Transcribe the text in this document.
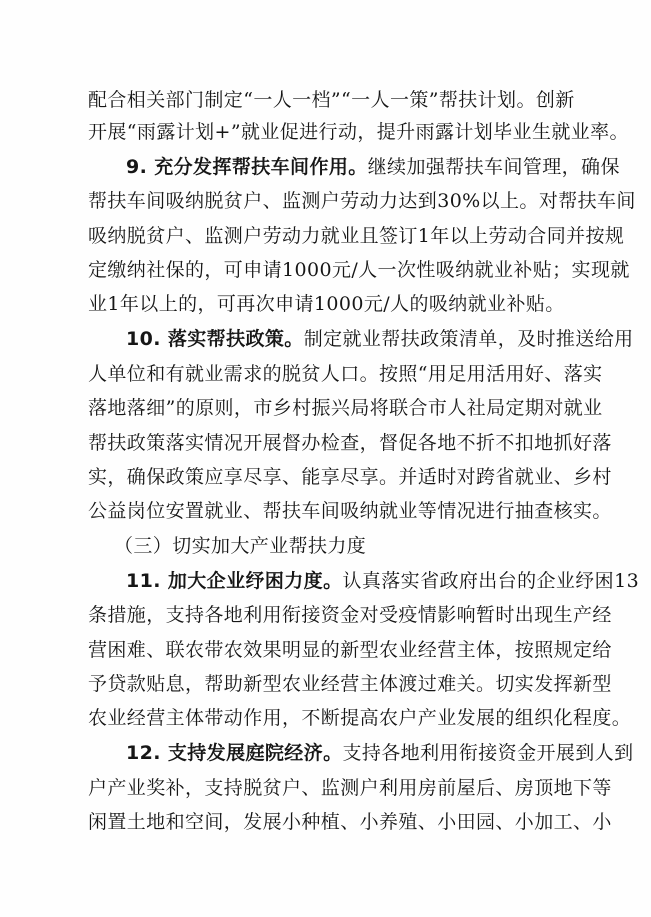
配合相关部门制定“一人一档”“一人一策”帮扶计划。创新
开展“雨露计划+”就业促进行动，提升雨露计划毕业生就业率。
9. 充分发挥帮扶车间作用。继续加强帮扶车间管理，确保
帮扶车间吸纳脱贫户、监测户劳动力达到30%以上。对帮扶车间
吸纳脱贫户、监测户劳动力就业且签订1年以上劳动合同并按规
定缴纳社保的，可申请1000元/人一次性吸纳就业补贴；实现就
业1年以上的，可再次申请1000元/人的吸纳就业补贴。
10. 落实帮扶政策。制定就业帮扶政策清单，及时推送给用
人单位和有就业需求的脱贫人口。按照“用足用活用好、落实
落地落细”的原则，市乡村振兴局将联合市人社局定期对就业
帮扶政策落实情况开展督办检查，督促各地不折不扣地抓好落
实，确保政策应享尽享、能享尽享。并适时对跨省就业、乡村
公益岗位安置就业、帮扶车间吸纳就业等情况进行抽查核实。
（三）切实加大产业帮扶力度
11. 加大企业纾困力度。认真落实省政府出台的企业纾困13
条措施，支持各地利用衔接资金对受疫情影响暂时出现生产经
营困难、联农带农效果明显的新型农业经营主体，按照规定给
予贷款贴息，帮助新型农业经营主体渡过难关。切实发挥新型
农业经营主体带动作用，不断提高农户产业发展的组织化程度。
12. 支持发展庭院经济。支持各地利用衔接资金开展到人到
户产业奖补，支持脱贫户、监测户利用房前屋后、房顶地下等
闲置土地和空间，发展小种植、小养殖、小田园、小加工、小
